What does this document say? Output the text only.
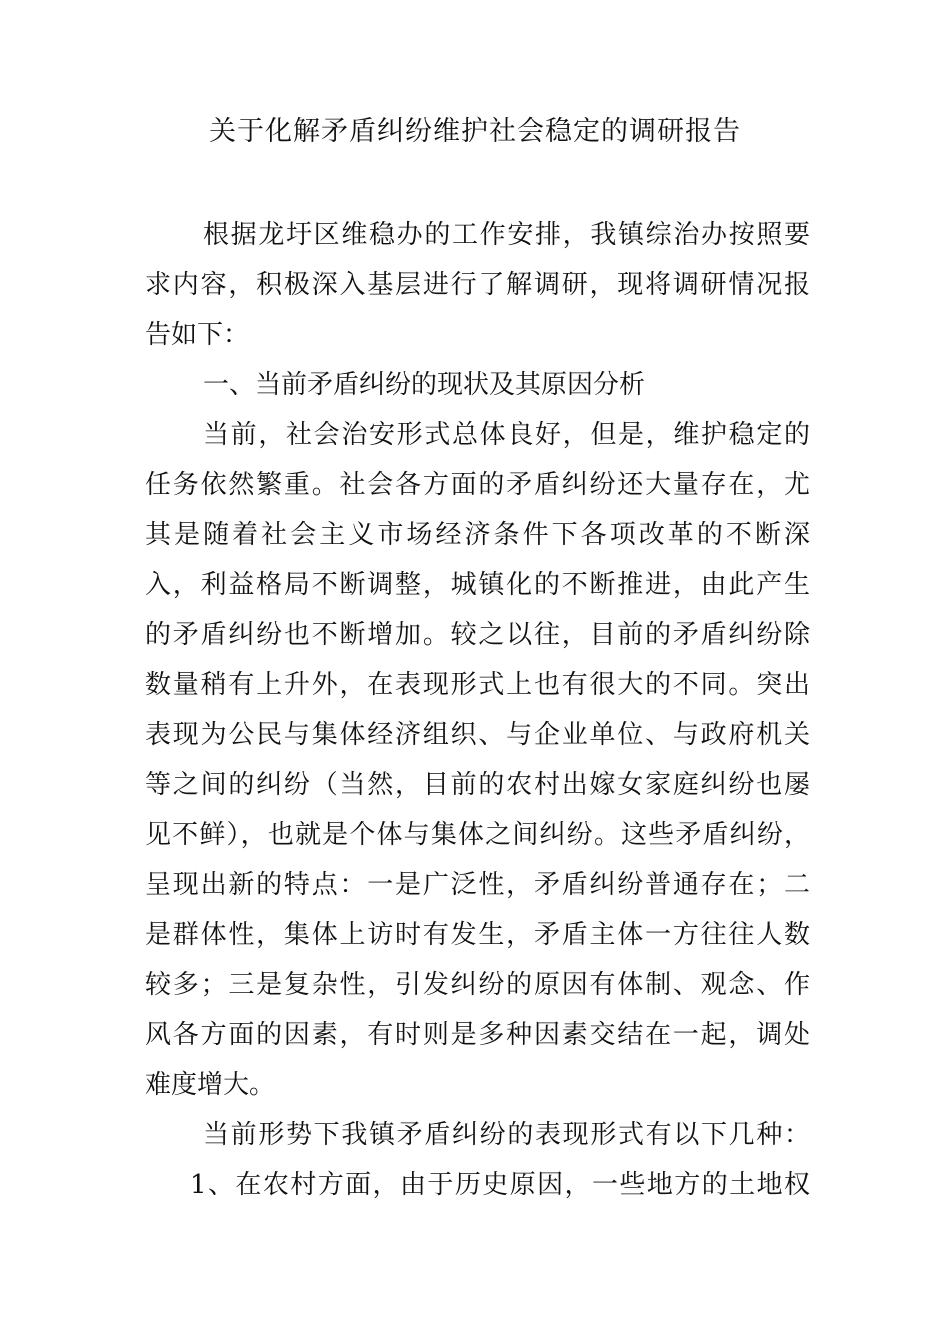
关于化解矛盾纠纷维护社会稳定的调研报告
根据龙圩区维稳办的工作安排，我镇综治办按照要
求内容，积极深入基层进行了解调研，现将调研情况报
告如下：
一、当前矛盾纠纷的现状及其原因分析
当前，社会治安形式总体良好，但是，维护稳定的
任务依然繁重。社会各方面的矛盾纠纷还大量存在，尤
其是随着社会主义市场经济条件下各项改革的不断深
入，利益格局不断调整，城镇化的不断推进，由此产生
的矛盾纠纷也不断增加。较之以往，目前的矛盾纠纷除
数量稍有上升外，在表现形式上也有很大的不同。突出
表现为公民与集体经济组织、与企业单位、与政府机关
等之间的纠纷（当然，目前的农村出嫁女家庭纠纷也屡
见不鲜），也就是个体与集体之间纠纷。这些矛盾纠纷，
呈现出新的特点：一是广泛性，矛盾纠纷普通存在；二
是群体性，集体上访时有发生，矛盾主体一方往往人数
较多；三是复杂性，引发纠纷的原因有体制、观念、作
风各方面的因素，有时则是多种因素交结在一起，调处
难度增大。
当前形势下我镇矛盾纠纷的表现形式有以下几种：
1、在农村方面，由于历史原因，一些地方的土地权
